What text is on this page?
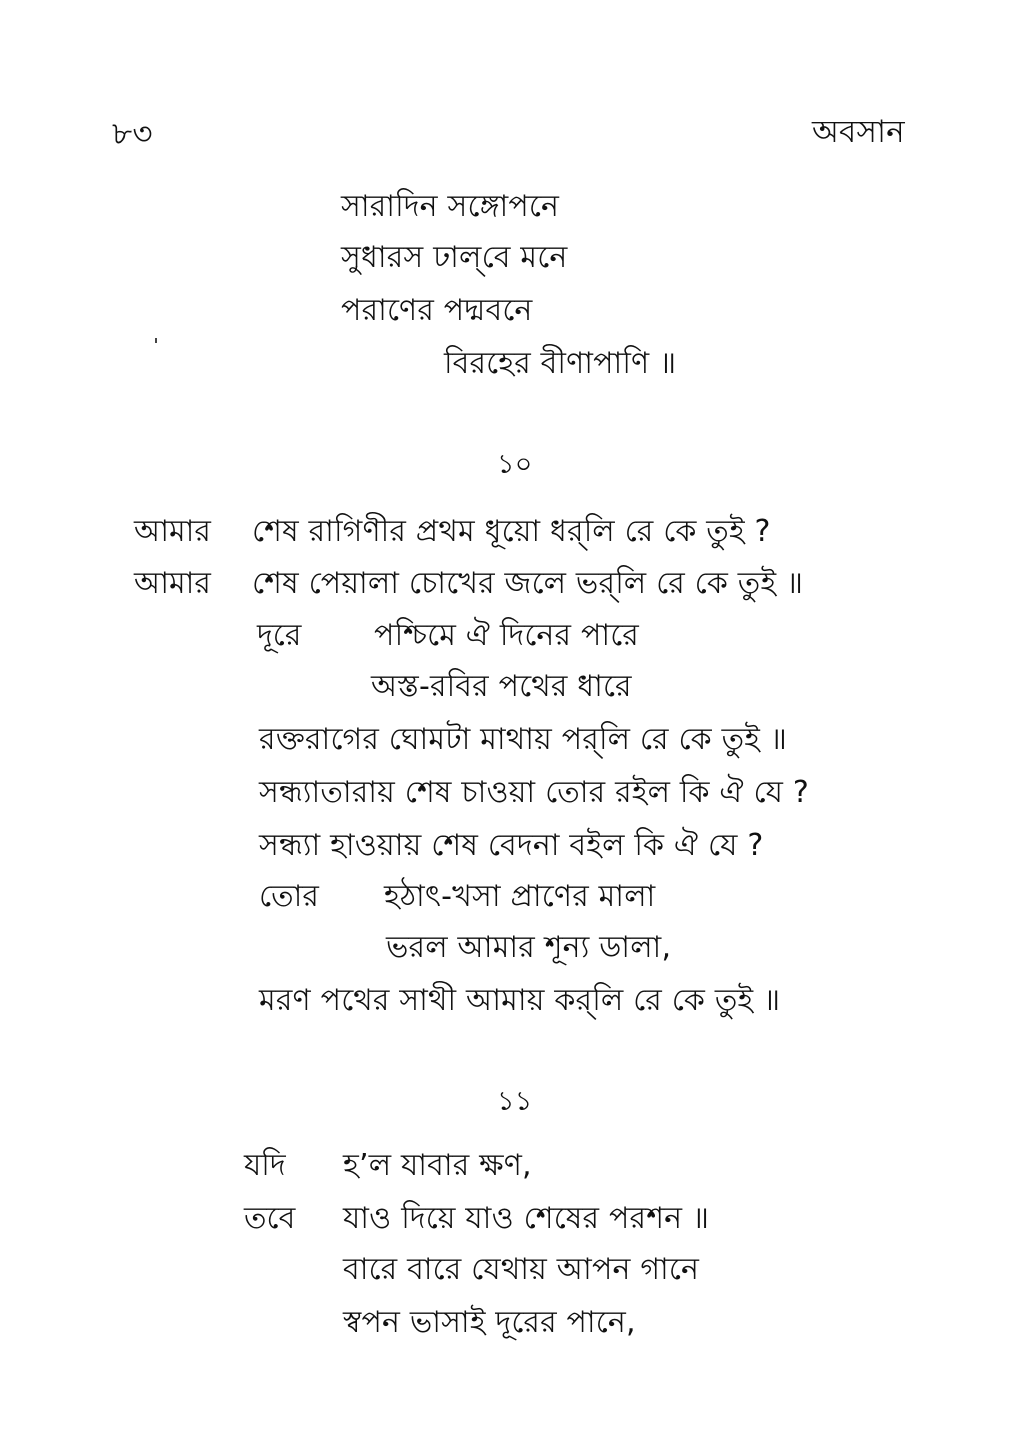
৮৩	অবসান
সারাদিন সঙ্গোপনে
সুধারস ঢাল্‌বে মনে
পরাণের পদ্মবনে
বিরহের বীণাপাণি ॥
১০
আমার শেষ রাগিণীর প্রথম ধূয়ো ধর্‌লি রে কে তুই ?
আমার শেষ পেয়ালা চোখের জলে ভর্‌লি রে কে তুই ॥
দূরে পশ্চিমে ঐ দিনের পারে
অস্ত-রবির পথের ধারে
রক্তরাগের ঘোমটা মাথায় পর্‌লি রে কে তুই ॥
সন্ধ্যাতারায় শেষ চাওয়া তোর রইল কি ঐ যে ?
সন্ধ্যা হাওয়ায় শেষ বেদনা বইল কি ঐ যে ?
তোর হঠাৎ-খসা প্রাণের মালা
ভরল আমার শূন্য ডালা,
মরণ পথের সাথী আমায় কর্‌লি রে কে তুই ॥
১১
যদি হ’ল যাবার ক্ষণ,
তবে যাও দিয়ে যাও শেষের পরশন ॥
বারে বারে যেথায় আপন গানে
স্বপন ভাসাই দূরের পানে,
